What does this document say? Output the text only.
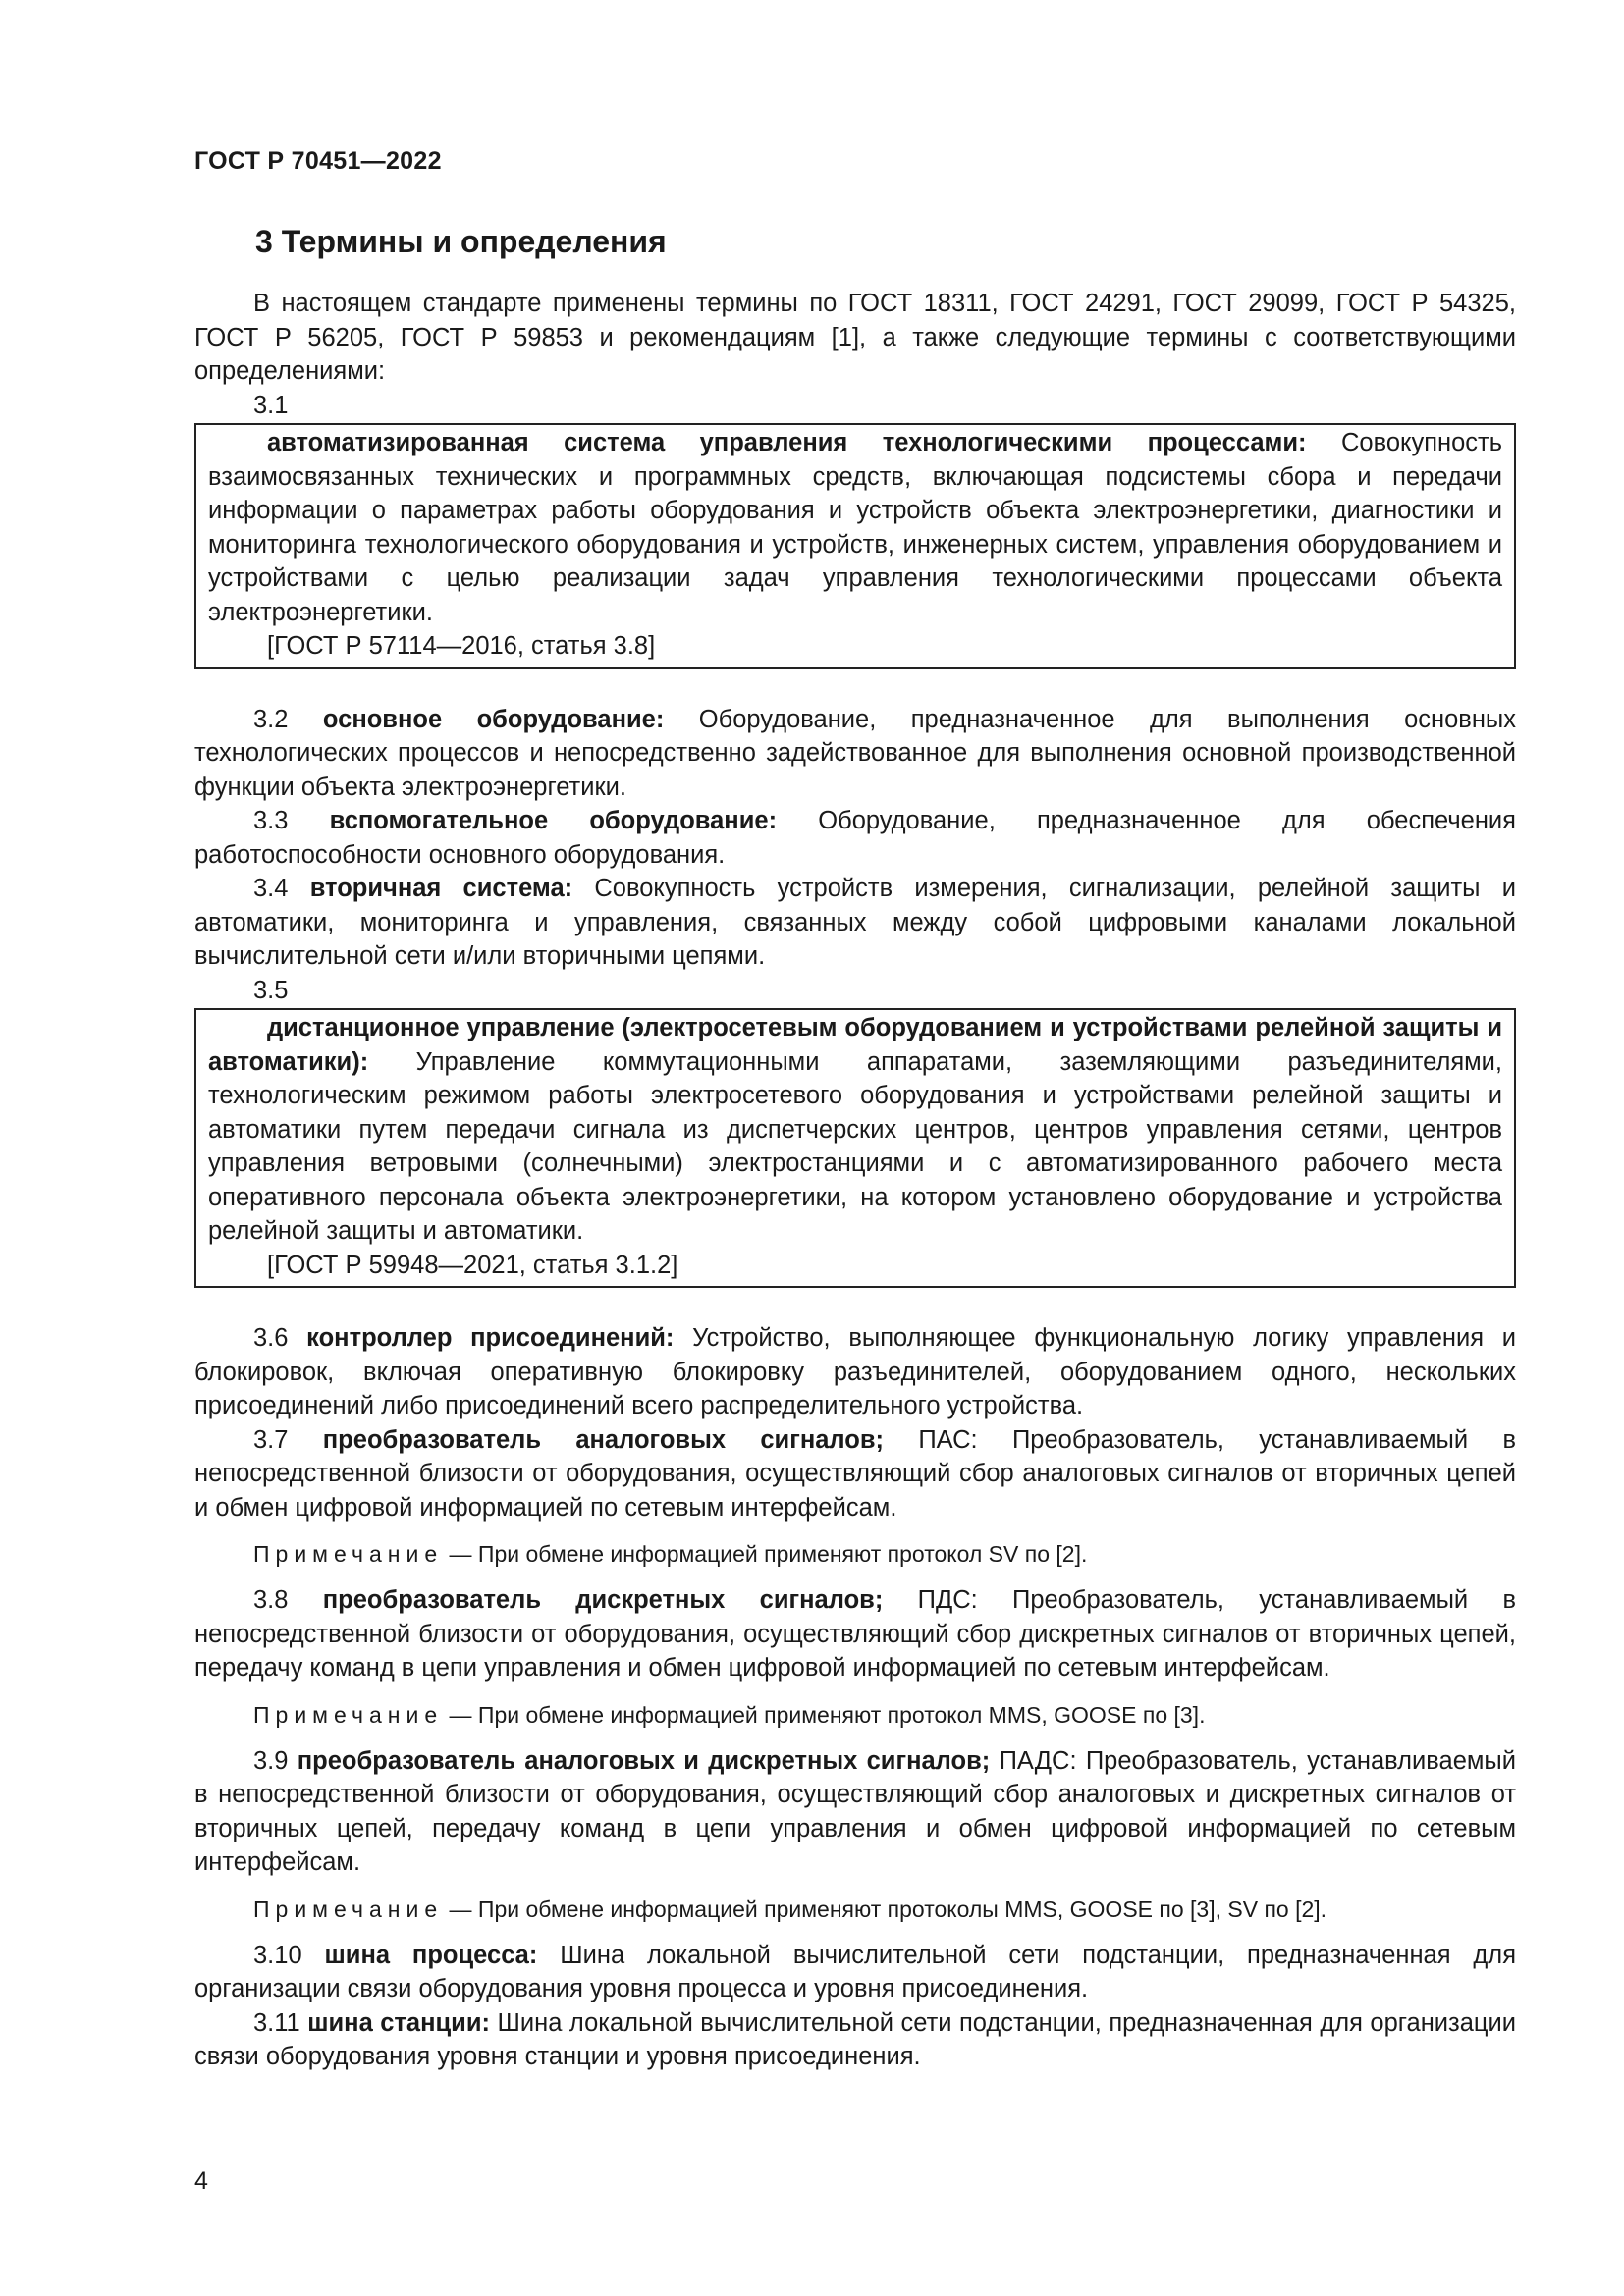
ГОСТ Р 70451—2022
3 Термины и определения

В настоящем стандарте применены термины по ГОСТ 18311, ГОСТ 24291, ГОСТ 29099, ГОСТ Р 54325, ГОСТ Р 56205, ГОСТ Р 59853 и рекомендациям [1], а также следующие термины с соответствующими определениями:

3.1

автоматизированная система управления технологическими процессами: Совокупность взаимосвязанных технических и программных средств, включающая подсистемы сбора и передачи информации о параметрах работы оборудования и устройств объекта электроэнергетики, диагностики и мониторинга технологического оборудования и устройств, инженерных систем, управления оборудованием и устройствами с целью реализации задач управления технологическими процессами объекта электроэнергетики.

[ГОСТ Р 57114—2016, статья 3.8]

3.2 основное оборудование: Оборудование, предназначенное для выполнения основных технологических процессов и непосредственно задействованное для выполнения основной производственной функции объекта электроэнергетики.

3.3 вспомогательное оборудование: Оборудование, предназначенное для обеспечения работоспособности основного оборудования.

3.4 вторичная система: Совокупность устройств измерения, сигнализации, релейной защиты и автоматики, мониторинга и управления, связанных между собой цифровыми каналами локальной вычислительной сети и/или вторичными цепями.

3.5

дистанционное управление (электросетевым оборудованием и устройствами релейной защиты и автоматики): Управление коммутационными аппаратами, заземляющими разъединителями, технологическим режимом работы электросетевого оборудования и устройствами релейной защиты и автоматики путем передачи сигнала из диспетчерских центров, центров управления сетями, центров управления ветровыми (солнечными) электростанциями и с автоматизированного рабочего места оперативного персонала объекта электроэнергетики, на котором установлено оборудование и устройства релейной защиты и автоматики.

[ГОСТ Р 59948—2021, статья 3.1.2]

3.6 контроллер присоединений: Устройство, выполняющее функциональную логику управления и блокировок, включая оперативную блокировку разъединителей, оборудованием одного, нескольких присоединений либо присоединений всего распределительного устройства.

3.7 преобразователь аналоговых сигналов; ПАС: Преобразователь, устанавливаемый в непосредственной близости от оборудования, осуществляющий сбор аналоговых сигналов от вторичных цепей и обмен цифровой информацией по сетевым интерфейсам.

Примечание — При обмене информацией применяют протокол SV по [2].

3.8 преобразователь дискретных сигналов; ПДС: Преобразователь, устанавливаемый в непосредственной близости от оборудования, осуществляющий сбор дискретных сигналов от вторичных цепей, передачу команд в цепи управления и обмен цифровой информацией по сетевым интерфейсам.

Примечание — При обмене информацией применяют протокол MMS, GOOSE по [3].

3.9 преобразователь аналоговых и дискретных сигналов; ПАДС: Преобразователь, устанавливаемый в непосредственной близости от оборудования, осуществляющий сбор аналоговых и дискретных сигналов от вторичных цепей, передачу команд в цепи управления и обмен цифровой информацией по сетевым интерфейсам.

Примечание — При обмене информацией применяют протоколы MMS, GOOSE по [3], SV по [2].

3.10 шина процесса: Шина локальной вычислительной сети подстанции, предназначенная для организации связи оборудования уровня процесса и уровня присоединения.

3.11 шина станции: Шина локальной вычислительной сети подстанции, предназначенная для организации связи оборудования уровня станции и уровня присоединения.

4
